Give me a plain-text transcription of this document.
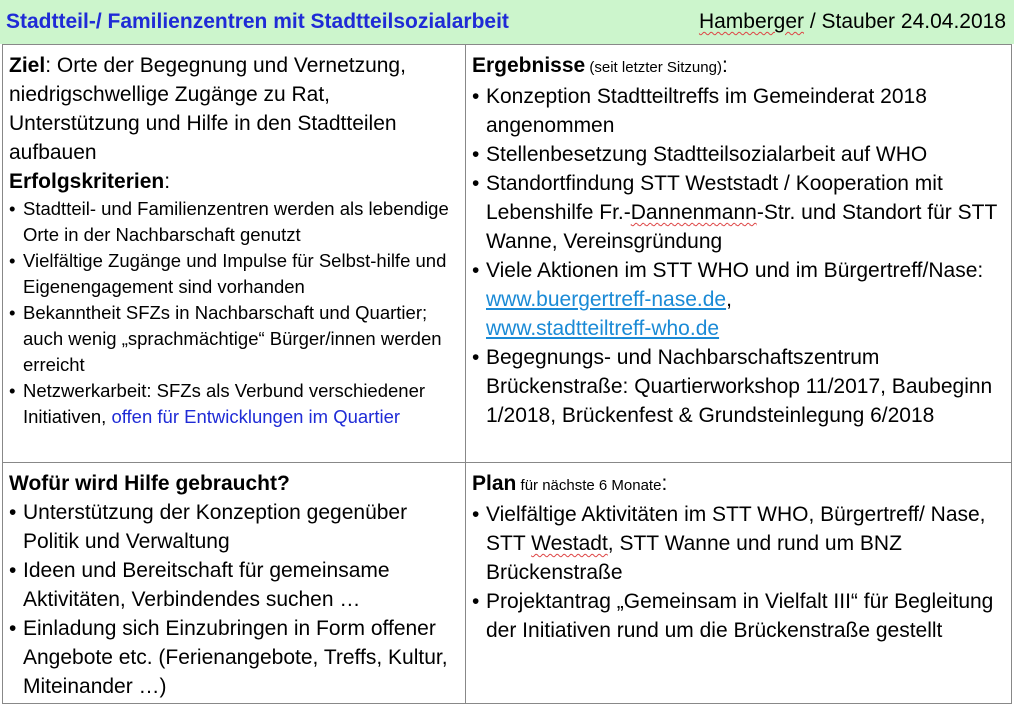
Stadtteil-/ Familienzentren mit Stadtteilsozialarbeit	Hamberger / Stauber 24.04.2018
Ziel: Orte der Begegnung und Vernetzung, niedrigschwellige Zugänge zu Rat, Unterstützung und Hilfe in den Stadtteilen aufbauen
Erfolgskriterien:
• Stadtteil- und Familienzentren werden als lebendige Orte in der Nachbarschaft genutzt
• Vielfältige Zugänge und Impulse für Selbst-hilfe und Eigenengagement sind vorhanden
• Bekanntheit SFZs in Nachbarschaft und Quartier; auch wenig „sprachmächtige“ Bürger/innen werden erreicht
• Netzwerkarbeit: SFZs als Verbund verschiedener Initiativen, offen für Entwicklungen im Quartier
Ergebnisse (seit letzter Sitzung):
• Konzeption Stadtteiltreffs im Gemeinderat 2018 angenommen
• Stellenbesetzung Stadtteilsozialarbeit auf WHO
• Standortfindung STT Weststadt / Kooperation mit Lebenshilfe Fr.-Dannenmann-Str. und Standort für STT Wanne, Vereinsgründung
• Viele Aktionen im STT WHO und im Bürgertreff/Nase: www.buergertreff-nase.de,
www.stadtteiltreff-who.de
• Begegnungs- und Nachbarschaftszentrum Brückenstraße: Quartierworkshop 11/2017, Baubeginn 1/2018, Brückenfest & Grundsteinlegung 6/2018
Wofür wird Hilfe gebraucht?
• Unterstützung der Konzeption gegenüber Politik und Verwaltung
• Ideen und Bereitschaft für gemeinsame Aktivitäten, Verbindendes suchen …
• Einladung sich Einzubringen in Form offener Angebote etc. (Ferienangebote, Treffs, Kultur, Miteinander …)
Plan für nächste 6 Monate:
• Vielfältige Aktivitäten im STT WHO, Bürgertreff/ Nase, STT Westadt, STT Wanne und rund um BNZ Brückenstraße
• Projektantrag „Gemeinsam in Vielfalt III“ für Begleitung der Initiativen rund um die Brückenstraße gestellt
